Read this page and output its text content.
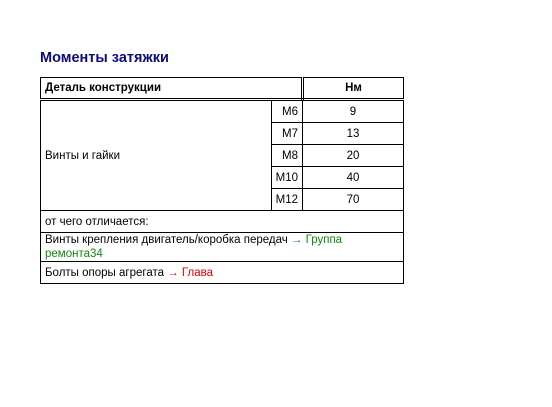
Моменты затяжки
Деталь конструкции		Нм
Винты и гайки	M6	9
	M7	13
	M8	20
	M10	40
	M12	70
от чего отличается:		
Винты крепления двигатель/коробка передач → Группа ремонта34		
Болты опоры агрегата → Глава		
